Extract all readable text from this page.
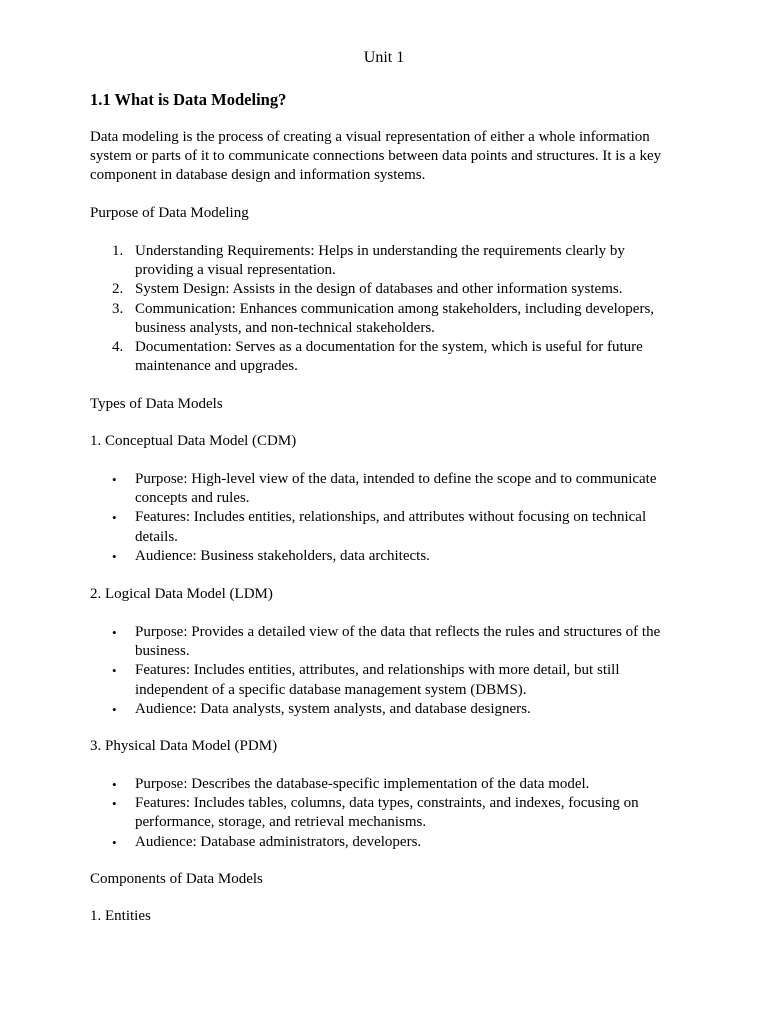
Unit 1
1.1 What is Data Modeling?

Data modeling is the process of creating a visual representation of either a whole information system or parts of it to communicate connections between data points and structures. It is a key component in database design and information systems.

Purpose of Data Modeling

1. Understanding Requirements: Helps in understanding the requirements clearly by providing a visual representation.
2. System Design: Assists in the design of databases and other information systems.
3. Communication: Enhances communication among stakeholders, including developers, business analysts, and non-technical stakeholders.
4. Documentation: Serves as a documentation for the system, which is useful for future maintenance and upgrades.

Types of Data Models

1. Conceptual Data Model (CDM)

• Purpose: High-level view of the data, intended to define the scope and to communicate concepts and rules.
• Features: Includes entities, relationships, and attributes without focusing on technical details.
• Audience: Business stakeholders, data architects.

2. Logical Data Model (LDM)

• Purpose: Provides a detailed view of the data that reflects the rules and structures of the business.
• Features: Includes entities, attributes, and relationships with more detail, but still independent of a specific database management system (DBMS).
• Audience: Data analysts, system analysts, and database designers.

3. Physical Data Model (PDM)

• Purpose: Describes the database-specific implementation of the data model.
• Features: Includes tables, columns, data types, constraints, and indexes, focusing on performance, storage, and retrieval mechanisms.
• Audience: Database administrators, developers.

Components of Data Models

1. Entities
